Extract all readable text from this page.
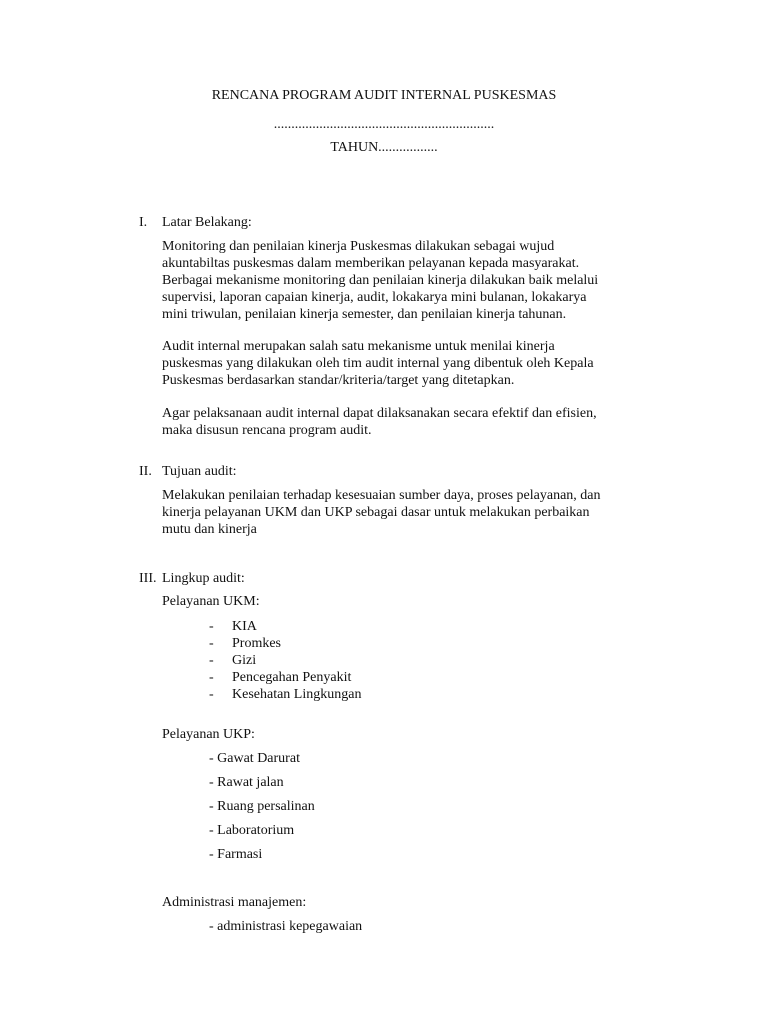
RENCANA PROGRAM AUDIT INTERNAL PUSKESMAS
...............................................................
TAHUN.................
I. Latar Belakang:

Monitoring dan penilaian kinerja Puskesmas dilakukan sebagai wujud
akuntabiltas puskesmas dalam memberikan pelayanan kepada masyarakat.
Berbagai mekanisme monitoring dan penilaian kinerja dilakukan baik melalui
supervisi, laporan capaian kinerja, audit, lokakarya mini bulanan, lokakarya
mini triwulan, penilaian kinerja semester, dan penilaian kinerja tahunan.

Audit internal merupakan salah satu mekanisme untuk menilai kinerja
puskesmas yang dilakukan oleh tim audit internal yang dibentuk oleh Kepala
Puskesmas berdasarkan standar/kriteria/target yang ditetapkan.

Agar pelaksanaan audit internal dapat dilaksanakan secara efektif dan efisien,
maka disusun rencana program audit.

II. Tujuan audit:

Melakukan penilaian terhadap kesesuaian sumber daya, proses pelayanan, dan
kinerja pelayanan UKM dan UKP sebagai dasar untuk melakukan perbaikan
mutu dan kinerja

III. Lingkup audit:
Pelayanan UKM:
- KIA
- Promkes
- Gizi
- Pencegahan Penyakit
- Kesehatan Lingkungan
Pelayanan UKP:
- Gawat Darurat
- Rawat jalan
- Ruang persalinan
- Laboratorium
- Farmasi
Administrasi manajemen:
- administrasi kepegawaian
